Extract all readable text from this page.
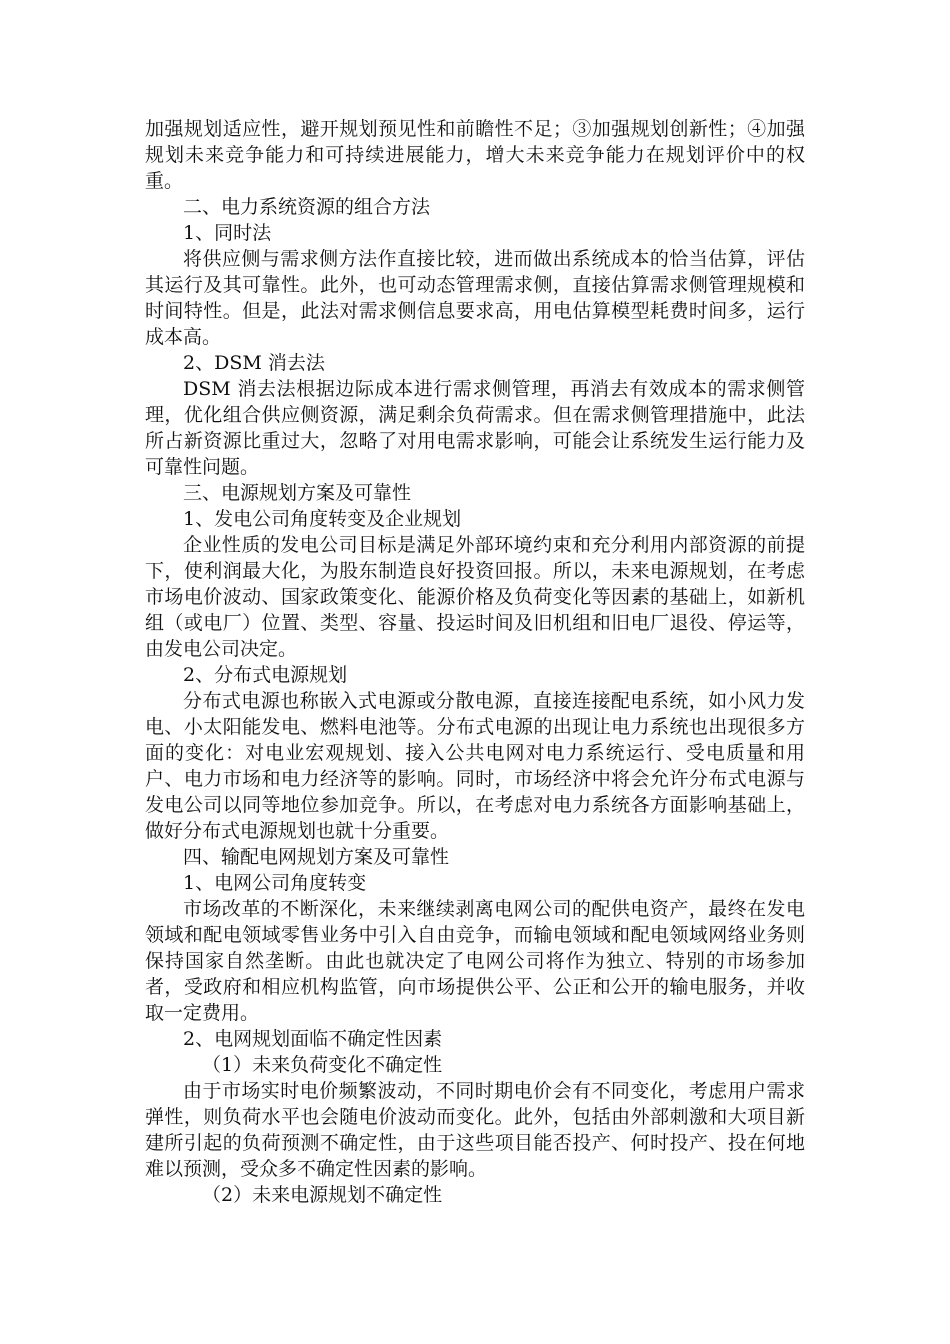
加强规划适应性，避开规划预见性和前瞻性不足；③加强规划创新性；④加强规划未来竞争能力和可持续进展能力，增大未来竞争能力在规划评价中的权重。

二、电力系统资源的组合方法

1、同时法

将供应侧与需求侧方法作直接比较，进而做出系统成本的恰当估算，评估其运行及其可靠性。此外，也可动态管理需求侧，直接估算需求侧管理规模和时间特性。但是，此法对需求侧信息要求高，用电估算模型耗费时间多，运行成本高。

2、DSM 消去法

DSM 消去法根据边际成本进行需求侧管理，再消去有效成本的需求侧管理，优化组合供应侧资源，满足剩余负荷需求。但在需求侧管理措施中，此法所占新资源比重过大，忽略了对用电需求影响，可能会让系统发生运行能力及可靠性问题。

三、电源规划方案及可靠性

1、发电公司角度转变及企业规划

企业性质的发电公司目标是满足外部环境约束和充分利用内部资源的前提下，使利润最大化，为股东制造良好投资回报。所以，未来电源规划，在考虑市场电价波动、国家政策变化、能源价格及负荷变化等因素的基础上，如新机组（或电厂）位置、类型、容量、投运时间及旧机组和旧电厂退役、停运等，由发电公司决定。

2、分布式电源规划

分布式电源也称嵌入式电源或分散电源，直接连接配电系统，如小风力发电、小太阳能发电、燃料电池等。分布式电源的出现让电力系统也出现很多方面的变化：对电业宏观规划、接入公共电网对电力系统运行、受电质量和用户、电力市场和电力经济等的影响。同时，市场经济中将会允许分布式电源与发电公司以同等地位参加竞争。所以，在考虑对电力系统各方面影响基础上，做好分布式电源规划也就十分重要。

四、输配电网规划方案及可靠性

1、电网公司角度转变

市场改革的不断深化，未来继续剥离电网公司的配供电资产，最终在发电领域和配电领域零售业务中引入自由竞争，而输电领域和配电领域网络业务则保持国家自然垄断。由此也就决定了电网公司将作为独立、特别的市场参加者，受政府和相应机构监管，向市场提供公平、公正和公开的输电服务，并收取一定费用。

2、电网规划面临不确定性因素

（1）未来负荷变化不确定性

由于市场实时电价频繁波动，不同时期电价会有不同变化，考虑用户需求弹性，则负荷水平也会随电价波动而变化。此外，包括由外部刺激和大项目新建所引起的负荷预测不确定性，由于这些项目能否投产、何时投产、投在何地难以预测，受众多不确定性因素的影响。

（2）未来电源规划不确定性
